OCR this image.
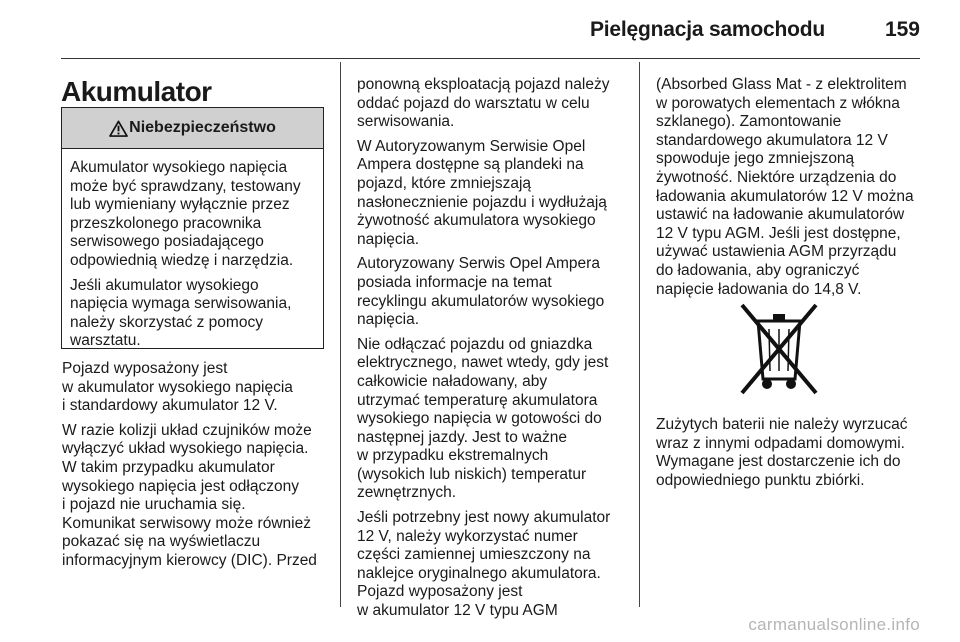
Pielęgnacja samochodu	159
Akumulator
Niebezpieczeństwo

Akumulator wysokiego napięcia
może być sprawdzany, testowany
lub wymieniany wyłącznie przez
przeszkolonego pracownika
serwisowego posiadającego
odpowiednią wiedzę i narzędzia.

Jeśli akumulator wysokiego
napięcia wymaga serwisowania,
należy skorzystać z pomocy
warsztatu.

Pojazd wyposażony jest
w akumulator wysokiego napięcia
i standardowy akumulator 12 V.

W razie kolizji układ czujników może
wyłączyć układ wysokiego napięcia.
W takim przypadku akumulator
wysokiego napięcia jest odłączony
i pojazd nie uruchamia się.
Komunikat serwisowy może również
pokazać się na wyświetlaczu
informacyjnym kierowcy (DIC). Przed

ponowną eksploatacją pojazd należy
oddać pojazd do warsztatu w celu
serwisowania.

W Autoryzowanym Serwisie Opel
Ampera dostępne są plandeki na
pojazd, które zmniejszają
nasłonecznienie pojazdu i wydłużają
żywotność akumulatora wysokiego
napięcia.

Autoryzowany Serwis Opel Ampera
posiada informacje na temat
recyklingu akumulatorów wysokiego
napięcia.

Nie odłączać pojazdu od gniazdka
elektrycznego, nawet wtedy, gdy jest
całkowicie naładowany, aby
utrzymać temperaturę akumulatora
wysokiego napięcia w gotowości do
następnej jazdy. Jest to ważne
w przypadku ekstremalnych
(wysokich lub niskich) temperatur
zewnętrznych.

Jeśli potrzebny jest nowy akumulator
12 V, należy wykorzystać numer
części zamiennej umieszczony na
naklejce oryginalnego akumulatora.
Pojazd wyposażony jest
w akumulator 12 V typu AGM

(Absorbed Glass Mat - z elektrolitem
w porowatych elementach z włókna
szklanego). Zamontowanie
standardowego akumulatora 12 V
spowoduje jego zmniejszoną
żywotność. Niektóre urządzenia do
ładowania akumulatorów 12 V można
ustawić na ładowanie akumulatorów
12 V typu AGM. Jeśli jest dostępne,
używać ustawienia AGM przyrządu
do ładowania, aby ograniczyć
napięcie ładowania do 14,8 V.

Zużytych baterii nie należy wyrzucać
wraz z innymi odpadami domowymi.
Wymagane jest dostarczenie ich do
odpowiedniego punktu zbiórki.

carmanualsonline.info
